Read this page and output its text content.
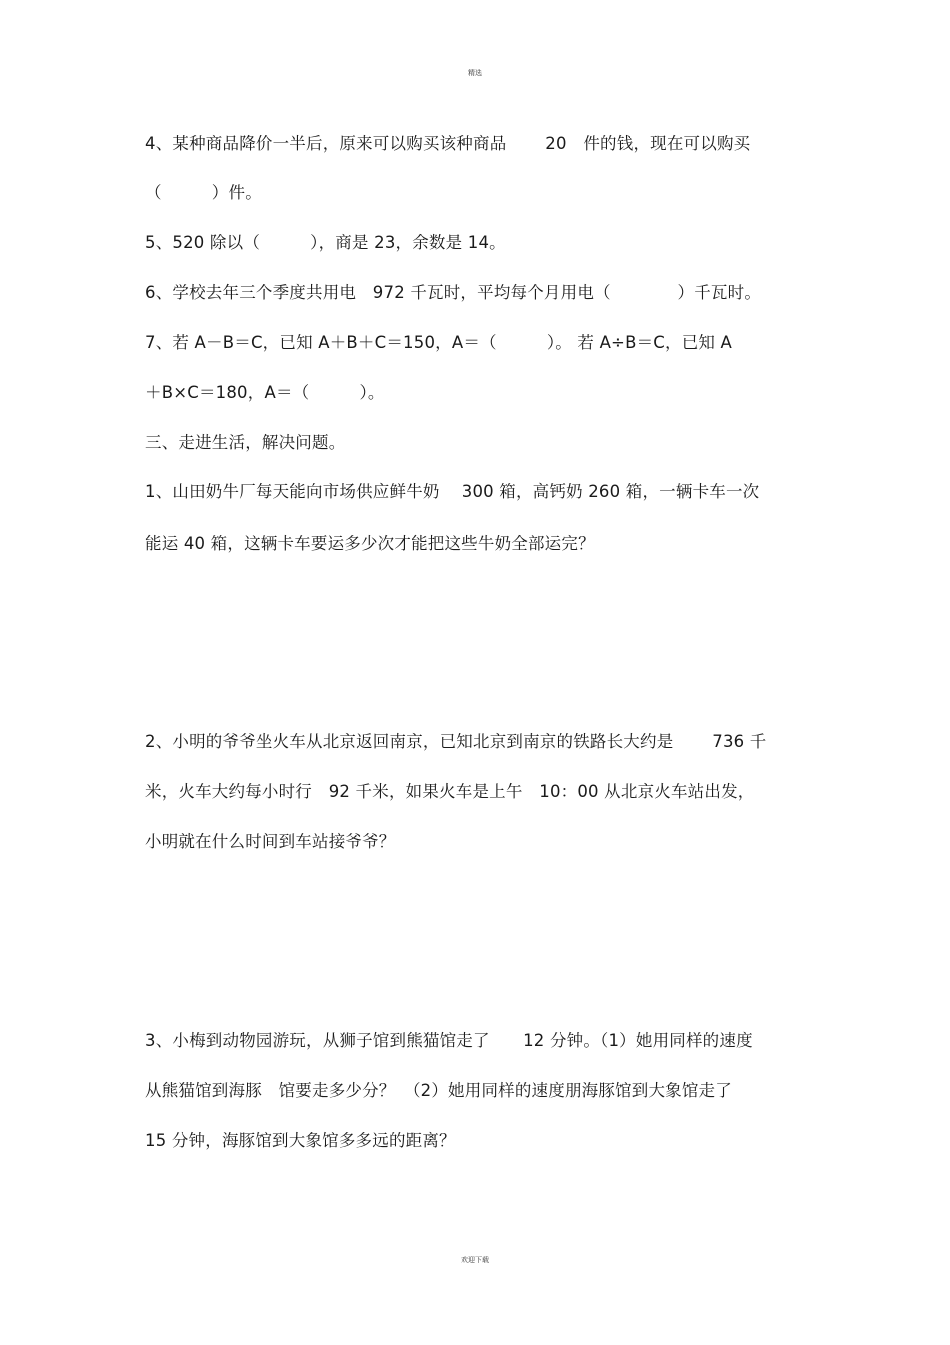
精选
4、某种商品降价一半后，原来可以购买该种商品　　 20　件的钱，现在可以购买
（　　　）件。
5、520 除以（　　　），商是 23，余数是 14。
6、学校去年三个季度共用电　972 千瓦时，平均每个月用电（　　　　）千瓦时。
7、若 A－B＝C，已知 A＋B＋C＝150，A＝（　　　）。 若 A÷B＝C，已知 A
＋B×C＝180，A＝（　　　）。
三、走进生活，解决问题。
1、山田奶牛厂每天能向市场供应鲜牛奶　 300 箱，高钙奶 260 箱，一辆卡车一次
能运 40 箱，这辆卡车要运多少次才能把这些牛奶全部运完？
2、小明的爷爷坐火车从北京返回南京，已知北京到南京的铁路长大约是　　 736 千
米，火车大约每小时行　92 千米，如果火车是上午　10：00 从北京火车站出发，
小明就在什么时间到车站接爷爷？
3、小梅到动物园游玩，从狮子馆到熊猫馆走了　　12 分钟。（1）她用同样的速度
从熊猫馆到海豚　馆要走多少分？　（2）她用同样的速度朋海豚馆到大象馆走了
15 分钟，海豚馆到大象馆多多远的距离？
欢迎下载
